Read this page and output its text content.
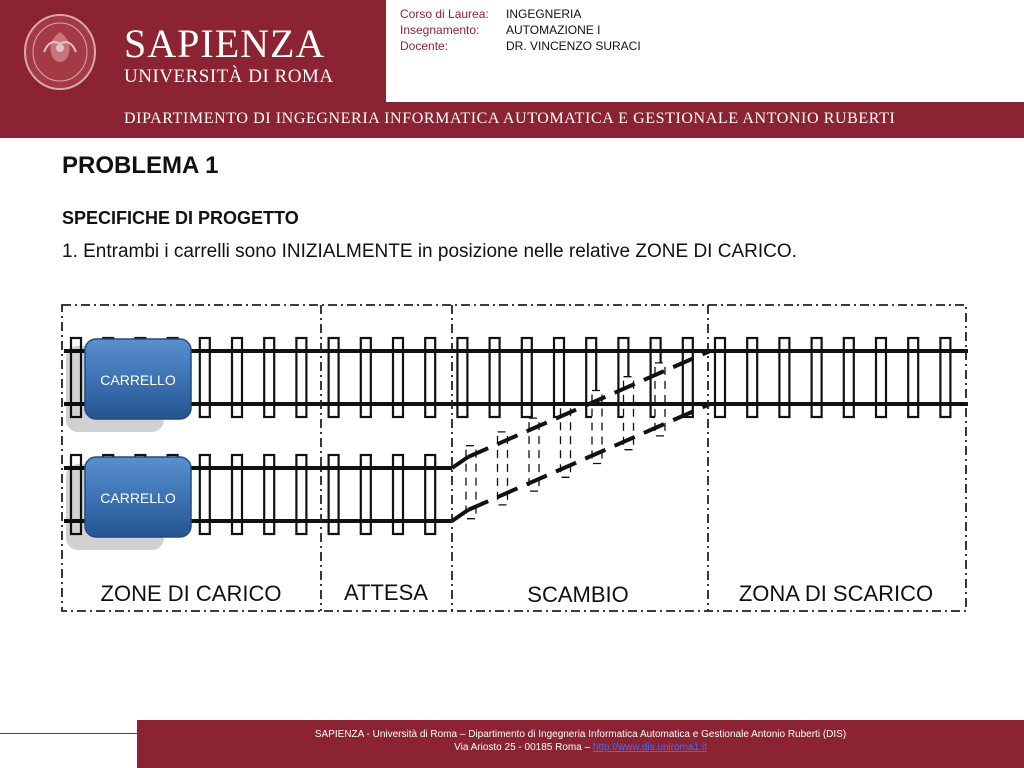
SAPIENZA
UNIVERSITÀ DI ROMA
Corso di Laurea: INGEGNERIA
Insegnamento: AUTOMAZIONE I
Docente:	DR. VINCENZO SURACI
DIPARTIMENTO DI INGEGNERIA INFORMATICA AUTOMATICA E GESTIONALE ANTONIO RUBERTI
PROBLEMA 1
SPECIFICHE DI PROGETTO
1. Entrambi i carrelli sono INIZIALMENTE in posizione nelle relative ZONE DI CARICO.
CARRELLO
CARRELLO
ZONE DI CARICO	ATTESA	SCAMBIO	ZONA DI SCARICO
SAPIENZA - Università di Roma – Dipartimento di Ingegneria Informatica Automatica e Gestionale Antonio Ruberti (DIS)
Via Ariosto 25 - 00185 Roma – http://www.dis.uniroma1.it
